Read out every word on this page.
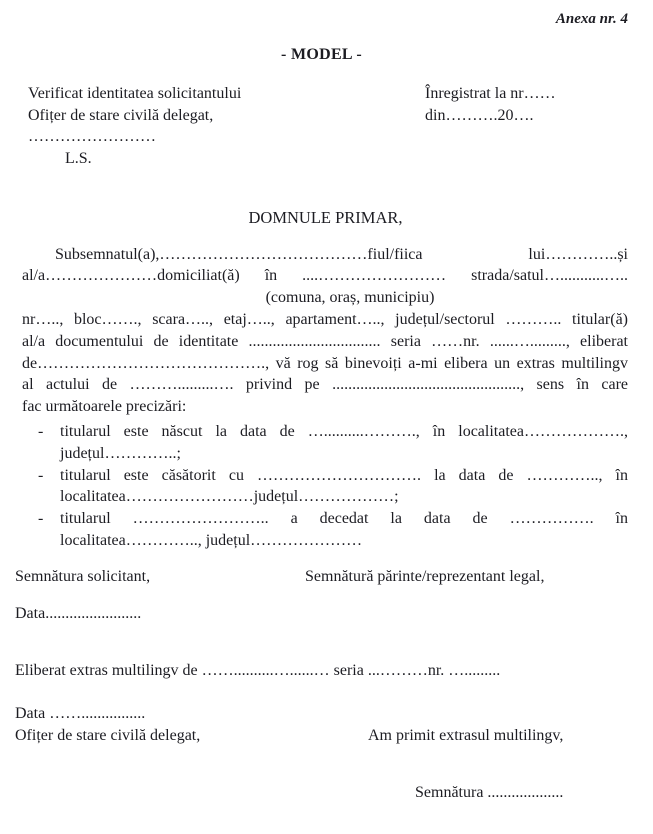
Anexa nr. 4
- MODEL -
Verificat identitatea solicitantului
Ofițer de stare civilă delegat,
……………………
L.S.
Înregistrat la nr……
din……….20….
DOMNULE PRIMAR,
Subsemnatul(a),…………………………………fiul/fiica lui…………..și
al/a…………………domiciliat(ă) în ....…………………… strada/satul…...........…..
(comuna, oraș, municipiu)
nr….., bloc……., scara….., etaj….., apartament….., județul/sectorul ……….. titular(ă)
al/a documentului de identitate ................................. seria ……nr. ......…........., eliberat
de……………………………………., vă rog să binevoiți a-mi elibera un extras multilingv
al actului de ……….........…. privind pe ..............................................., sens în care
fac următoarele precizări:
-	titularul este născut la data de …..........………., în localitatea……………….,
județul…………..;
-	titularul este căsătorit cu …………………………. la data de ………….., în
localitatea……………………județul………………;
-	titularul …………………….. a decedat la data de ……………. în
localitatea………….., județul…………………
Semnătura solicitant,	Semnătură părinte/reprezentant legal,
Data........................
Eliberat extras multilingv de ……..........…......… seria ...………nr. ….........
Data ……................
Ofițer de stare civilă delegat,	Am primit extrasul multilingv,
Semnătura ...................
